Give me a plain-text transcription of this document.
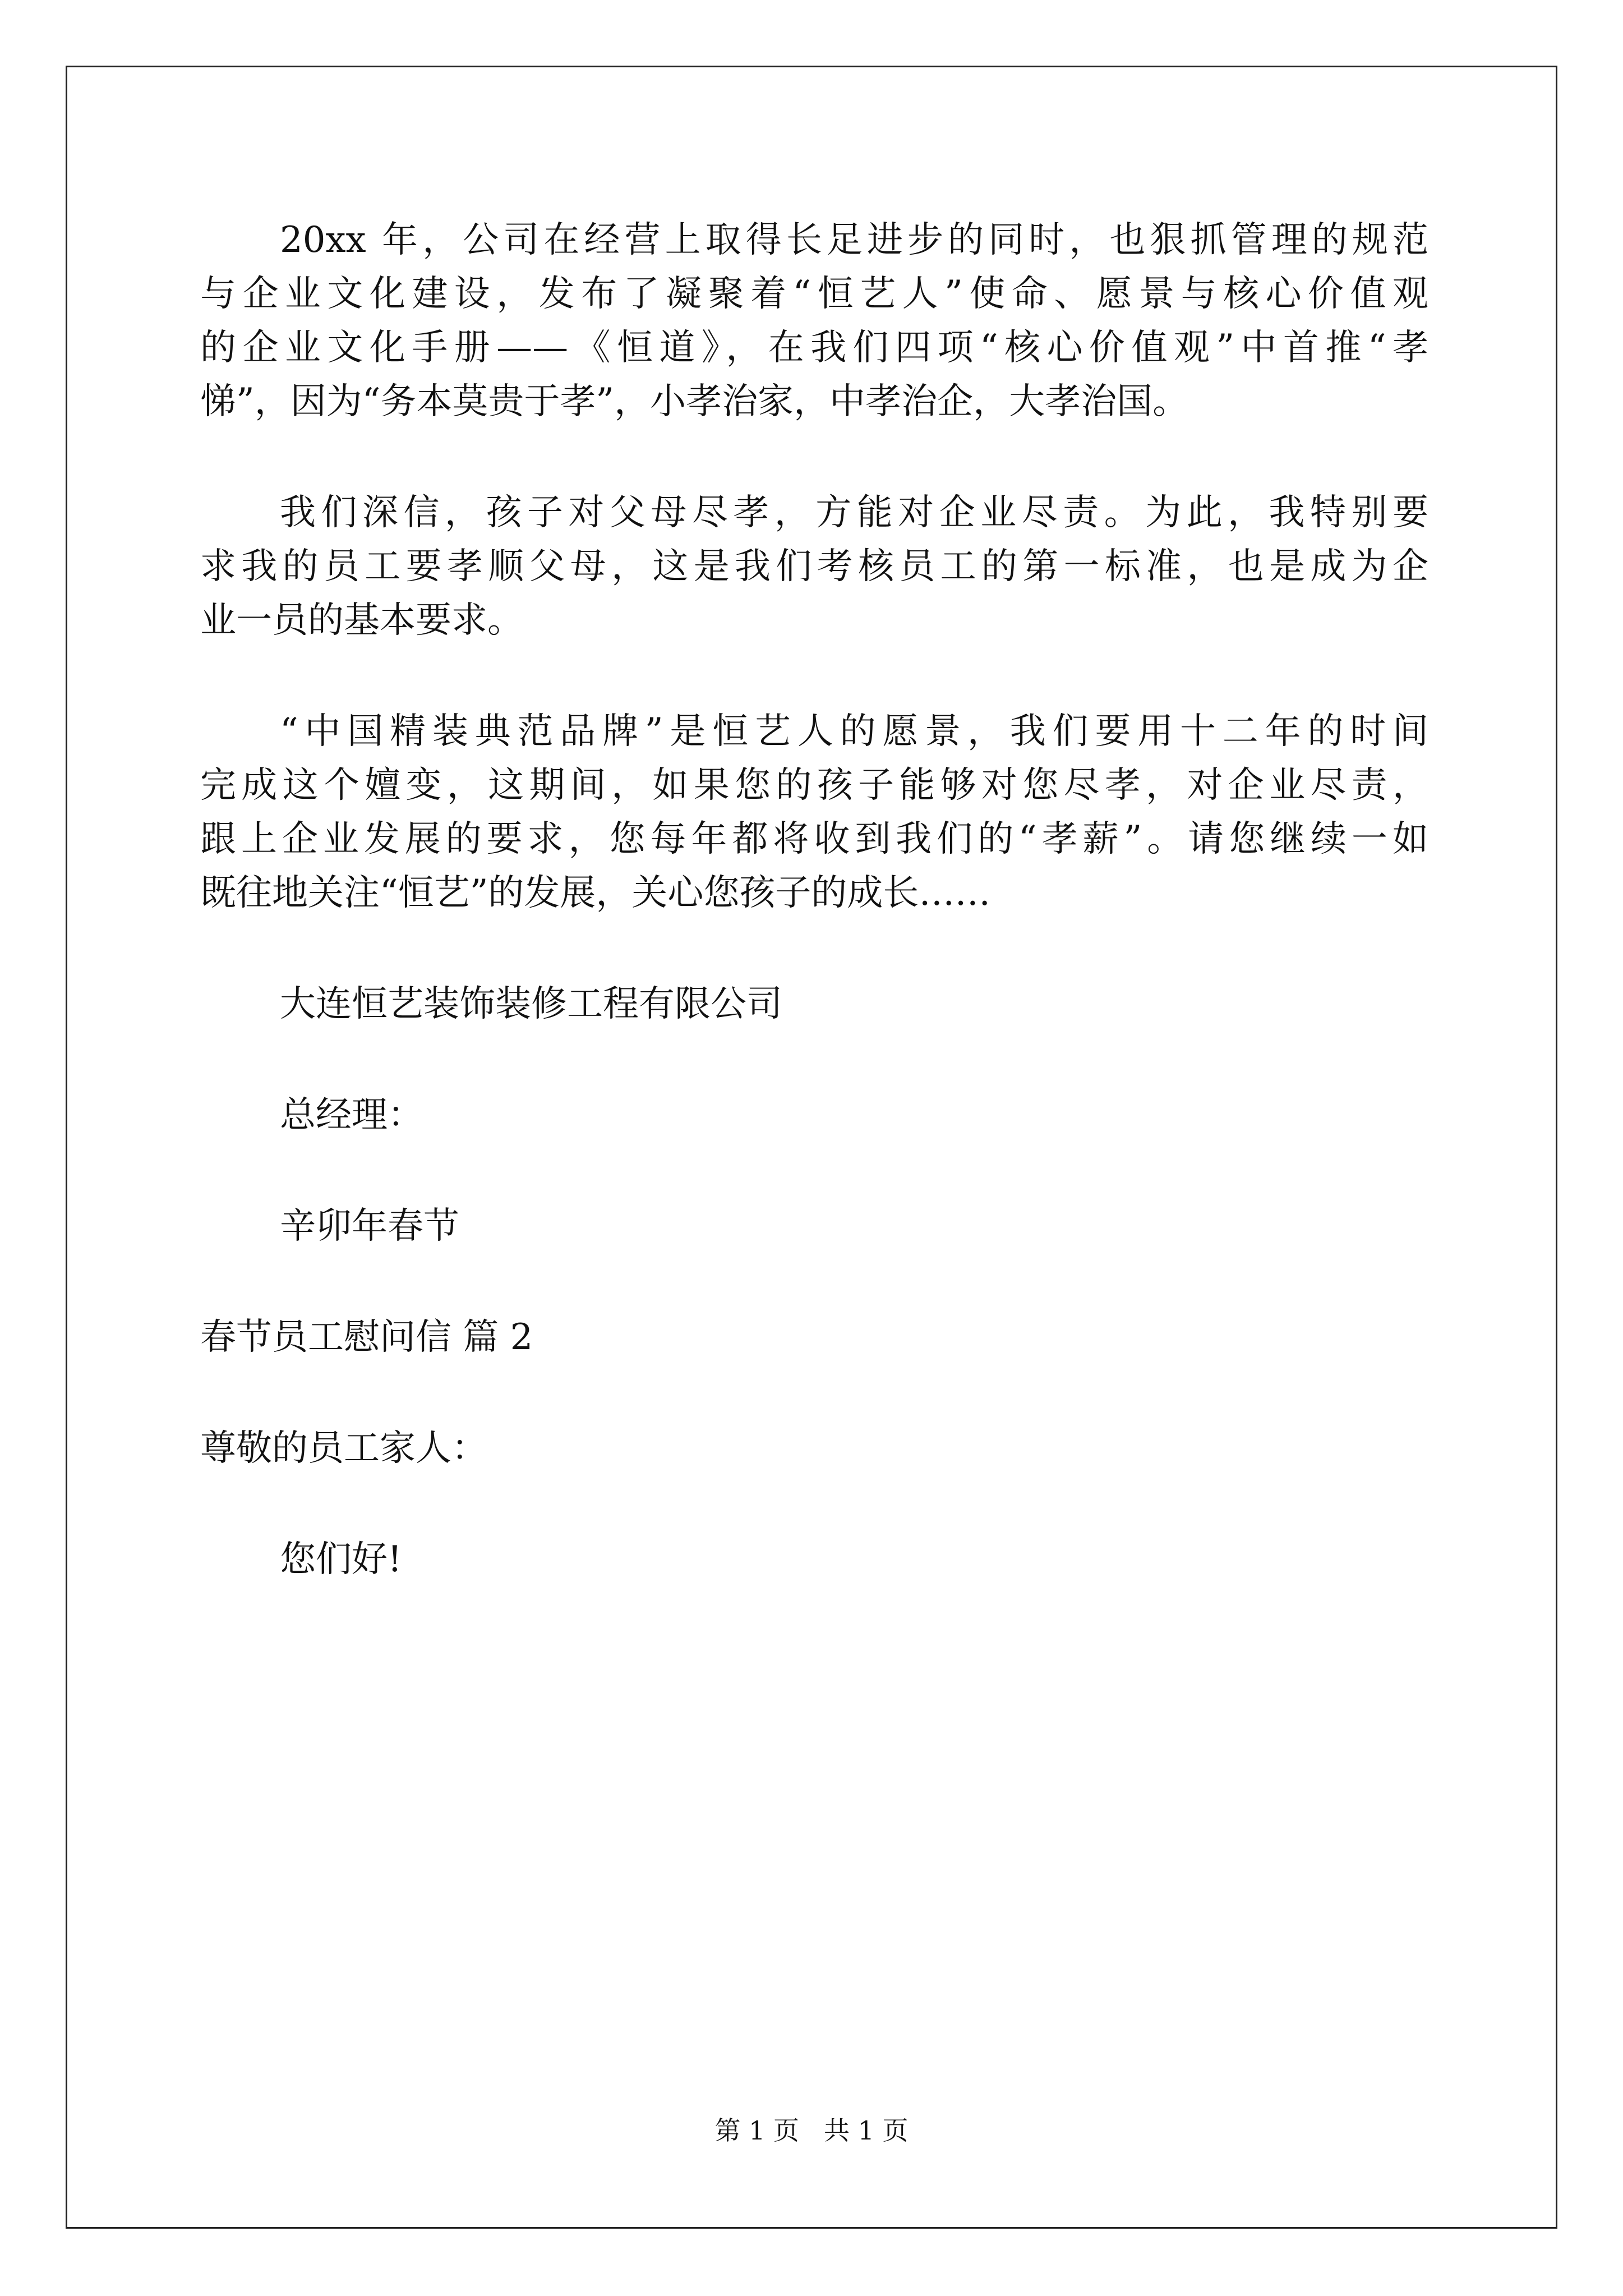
20xx 年，公司在经营上取得长足进步的同时，也狠抓管理的规范
与企业文化建设，发布了凝聚着“恒艺人”使命、愿景与核心价值观
的企业文化手册——《恒道》，在我们四项“核心价值观”中首推“孝
悌”，因为“务本莫贵于孝”，小孝治家，中孝治企，大孝治国。
我们深信，孩子对父母尽孝，方能对企业尽责。为此，我特别要
求我的员工要孝顺父母，这是我们考核员工的第一标准，也是成为企
业一员的基本要求。
“中国精装典范品牌”是恒艺人的愿景，我们要用十二年的时间
完成这个嬗变，这期间，如果您的孩子能够对您尽孝，对企业尽责，
跟上企业发展的要求，您每年都将收到我们的“孝薪”。请您继续一如
既往地关注“恒艺”的发展，关心您孩子的成长……
大连恒艺装饰装修工程有限公司
总经理：
辛卯年春节
春节员工慰问信 篇 2
尊敬的员工家人：
您们好!
第 1 页 共 1 页
